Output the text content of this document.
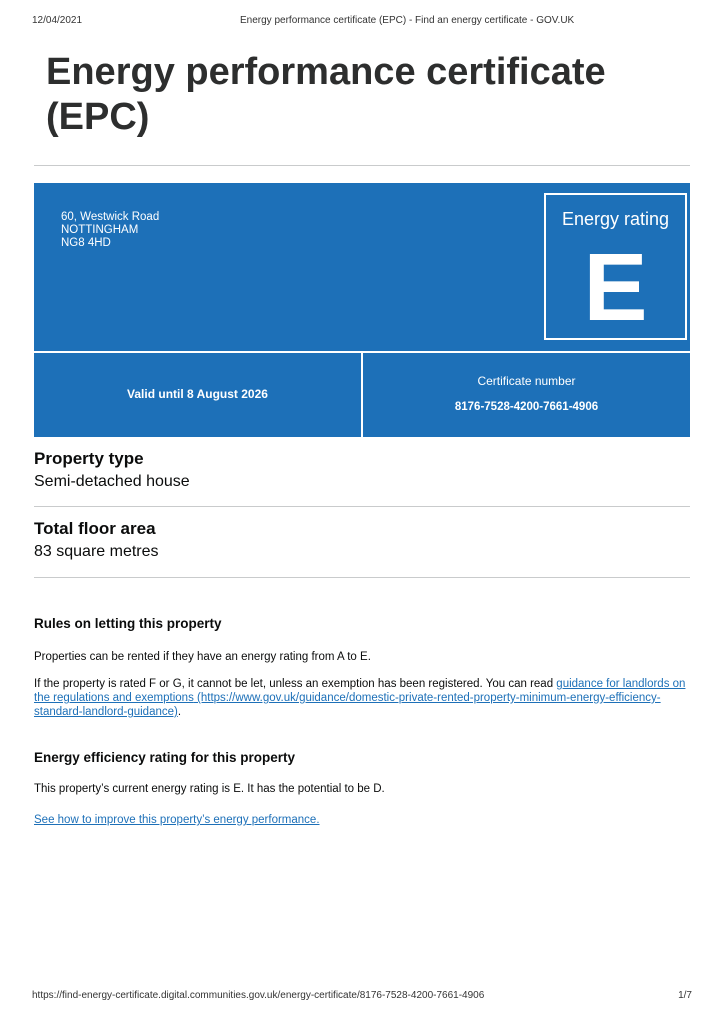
12/04/2021	Energy performance certificate (EPC) - Find an energy certificate - GOV.UK
Energy performance certificate (EPC)
60, Westwick Road
NOTTINGHAM
NG8 4HD
Energy rating
E
Valid until 8 August 2026
Certificate number
8176-7528-4200-7661-4906
Property type

Semi-detached house

Total floor area

83 square metres

Rules on letting this property

Properties can be rented if they have an energy rating from A to E.

If the property is rated F or G, it cannot be let, unless an exemption has been registered. You can read guidance for landlords on the regulations and exemptions (https://www.gov.uk/guidance/domestic-private-rented-property-minimum-energy-efficiency-standard-landlord-guidance).

Energy efficiency rating for this property

This property’s current energy rating is E. It has the potential to be D.

See how to improve this property’s energy performance.

https://find-energy-certificate.digital.communities.gov.uk/energy-certificate/8176-7528-4200-7661-4906	1/7
